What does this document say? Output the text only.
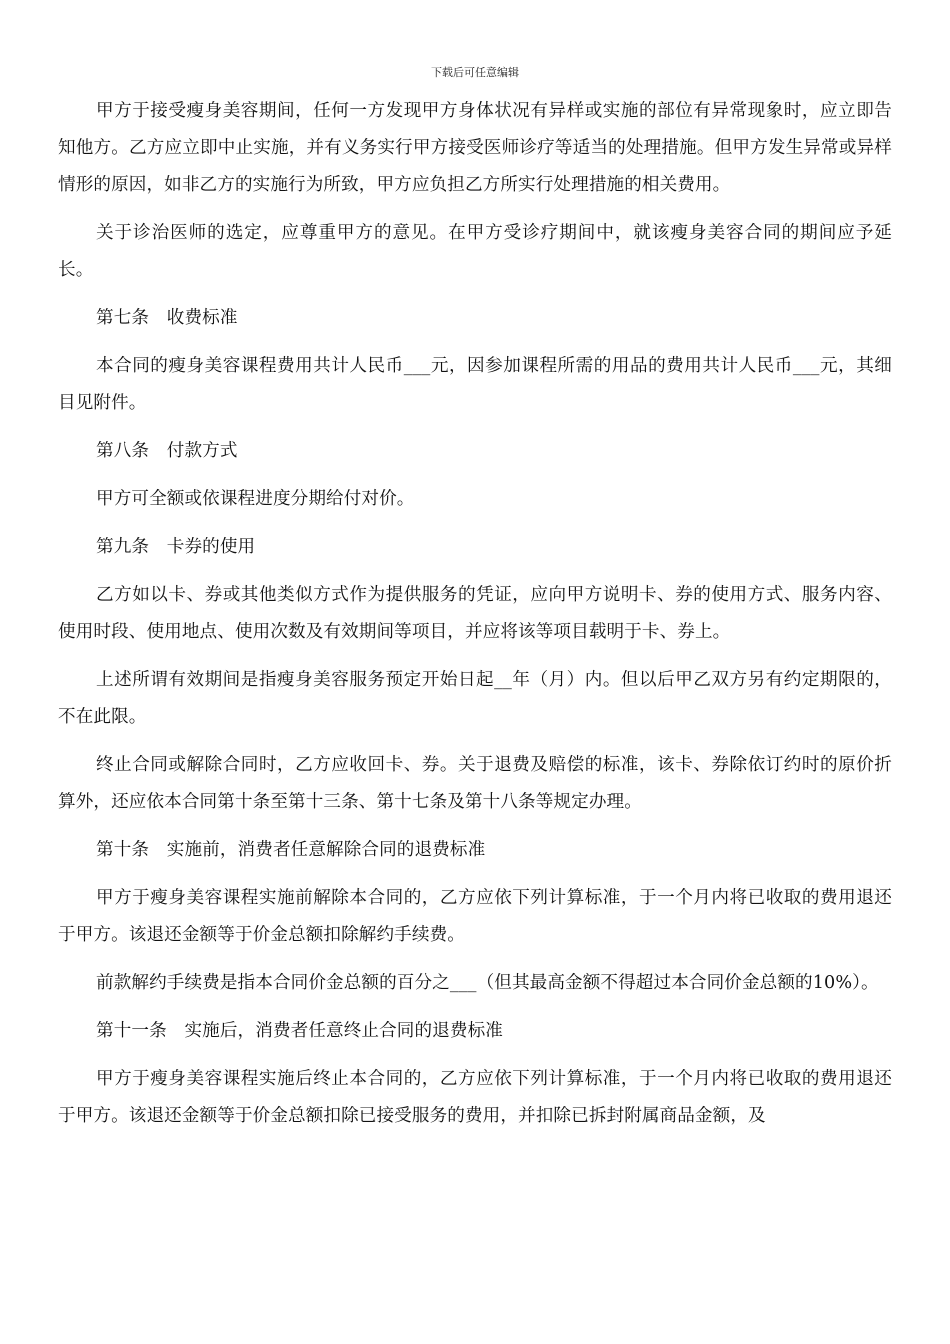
下载后可任意编辑

甲方于接受瘦身美容期间，任何一方发现甲方身体状况有异样或实施的部位有异常现象时，应立即告知他方。乙方应立即中止实施，并有义务实行甲方接受医师诊疗等适当的处理措施。但甲方发生异常或异样情形的原因，如非乙方的实施行为所致，甲方应负担乙方所实行处理措施的相关费用。

关于诊治医师的选定，应尊重甲方的意见。在甲方受诊疗期间中，就该瘦身美容合同的期间应予延长。

第七条　收费标准

本合同的瘦身美容课程费用共计人民币___元，因参加课程所需的用品的费用共计人民币___元，其细目见附件。

第八条　付款方式

甲方可全额或依课程进度分期给付对价。

第九条　卡券的使用

乙方如以卡、券或其他类似方式作为提供服务的凭证，应向甲方说明卡、券的使用方式、服务内容、使用时段、使用地点、使用次数及有效期间等项目，并应将该等项目载明于卡、券上。

上述所谓有效期间是指瘦身美容服务预定开始日起__年（月）内。但以后甲乙双方另有约定期限的，不在此限。

终止合同或解除合同时，乙方应收回卡、券。关于退费及赔偿的标准，该卡、券除依订约时的原价折算外，还应依本合同第十条至第十三条、第十七条及第十八条等规定办理。

第十条　实施前，消费者任意解除合同的退费标准

甲方于瘦身美容课程实施前解除本合同的，乙方应依下列计算标准，于一个月内将已收取的费用退还于甲方。该退还金额等于价金总额扣除解约手续费。

前款解约手续费是指本合同价金总额的百分之___（但其最高金额不得超过本合同价金总额的10%）。

第十一条　实施后，消费者任意终止合同的退费标准

甲方于瘦身美容课程实施后终止本合同的，乙方应依下列计算标准，于一个月内将已收取的费用退还于甲方。该退还金额等于价金总额扣除已接受服务的费用，并扣除已拆封附属商品金额，及
